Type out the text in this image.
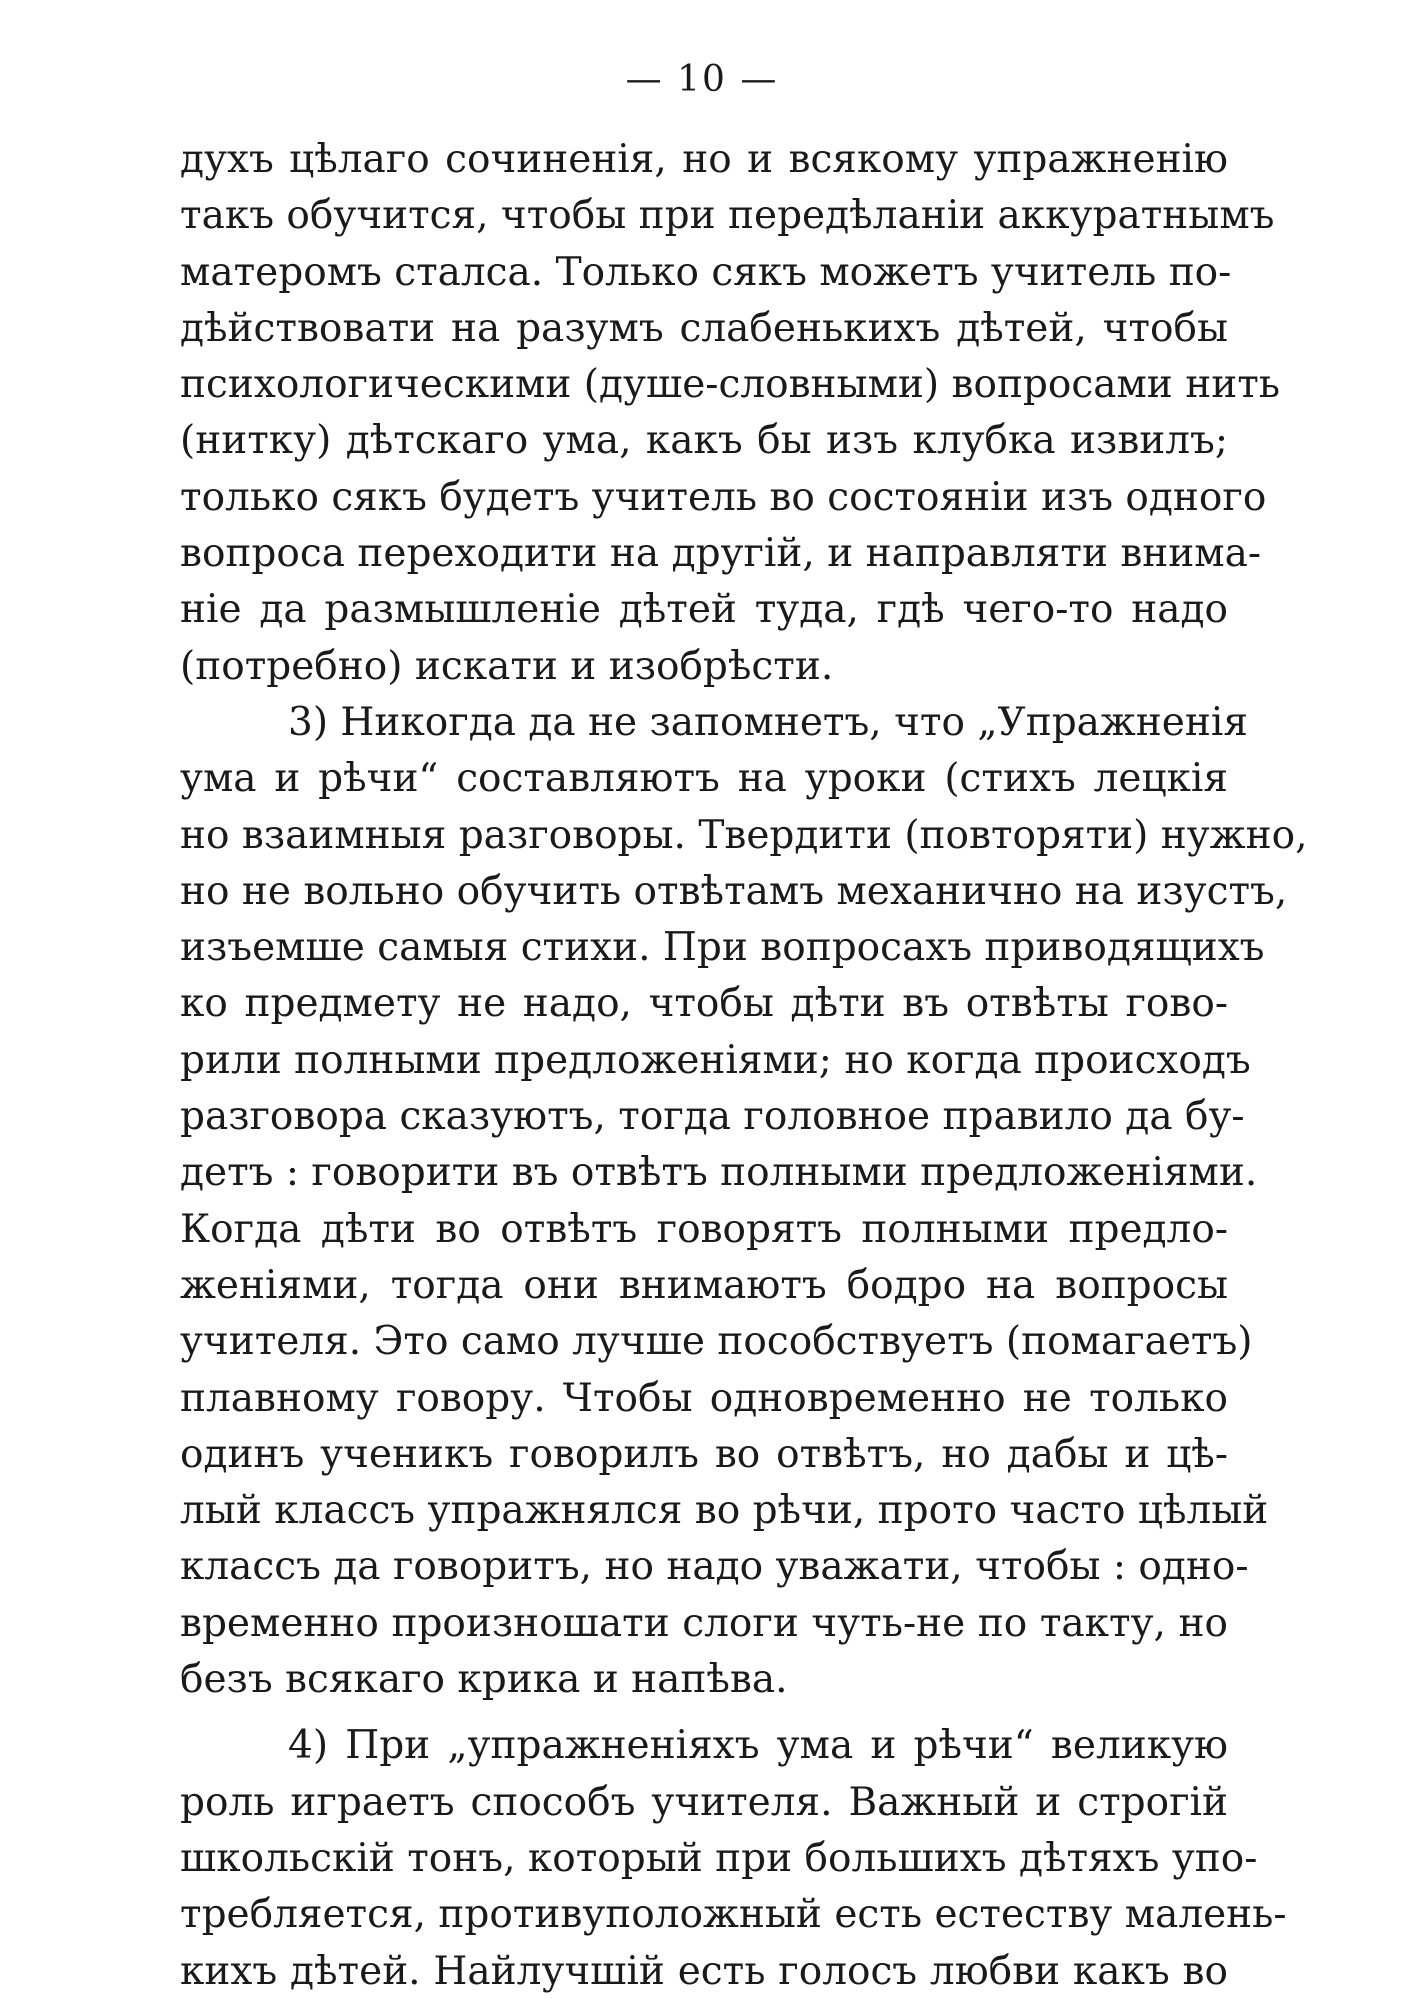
— 10 —
духъ цѣлаго сочиненія, но и всякому упражненію
такъ обучится, чтобы при передѣланіи аккуратнымъ
матеромъ сталса. Только сякъ можетъ учитель по-
дѣйствовати на разумъ слабенькихъ дѣтей, чтобы
психологическими (душе-словными) вопросами нить
(нитку) дѣтскаго ума, какъ бы изъ клубка извилъ;
только сякъ будетъ учитель во состояніи изъ одного
вопроса переходити на другій, и направляти внима-
ніе да размышленіе дѣтей туда, гдѣ чего-то надо
(потребно) искати и изобрѣсти.
3) Никогда да не запомнетъ, что „Упражненія
ума и рѣчи“ составляютъ на уроки (стихъ лецкія
но взаимныя разговоры. Твердити (повторяти) нужно,
но не вольно обучить отвѣтамъ механично на изустъ,
изъемше самыя стихи. При вопросахъ приводящихъ
ко предмету не надо, чтобы дѣти въ отвѣты гово-
рили полными предложеніями; но когда происходъ
разговора сказуютъ, тогда головное правило да бу-
детъ : говорити въ отвѣтъ полными предложеніями.
Когда дѣти во отвѣтъ говорятъ полными предло-
женіями, тогда они внимаютъ бодро на вопросы
учителя. Это само лучше пособствуетъ (помагаетъ)
плавному говору. Чтобы одновременно не только
одинъ ученикъ говорилъ во отвѣтъ, но дабы и цѣ-
лый классъ упражнялся во рѣчи, прото часто цѣлый
классъ да говоритъ, но надо уважати, чтобы : одно-
временно произношати слоги чуть-не по такту, но
безъ всякаго крика и напѣва.
4) При „упражненіяхъ ума и рѣчи“ великую
роль играетъ способъ учителя. Важный и строгій
школьскій тонъ, который при большихъ дѣтяхъ упо-
требляется, противуположный есть естеству малень-
кихъ дѣтей. Найлучшій есть голосъ любви какъ во
